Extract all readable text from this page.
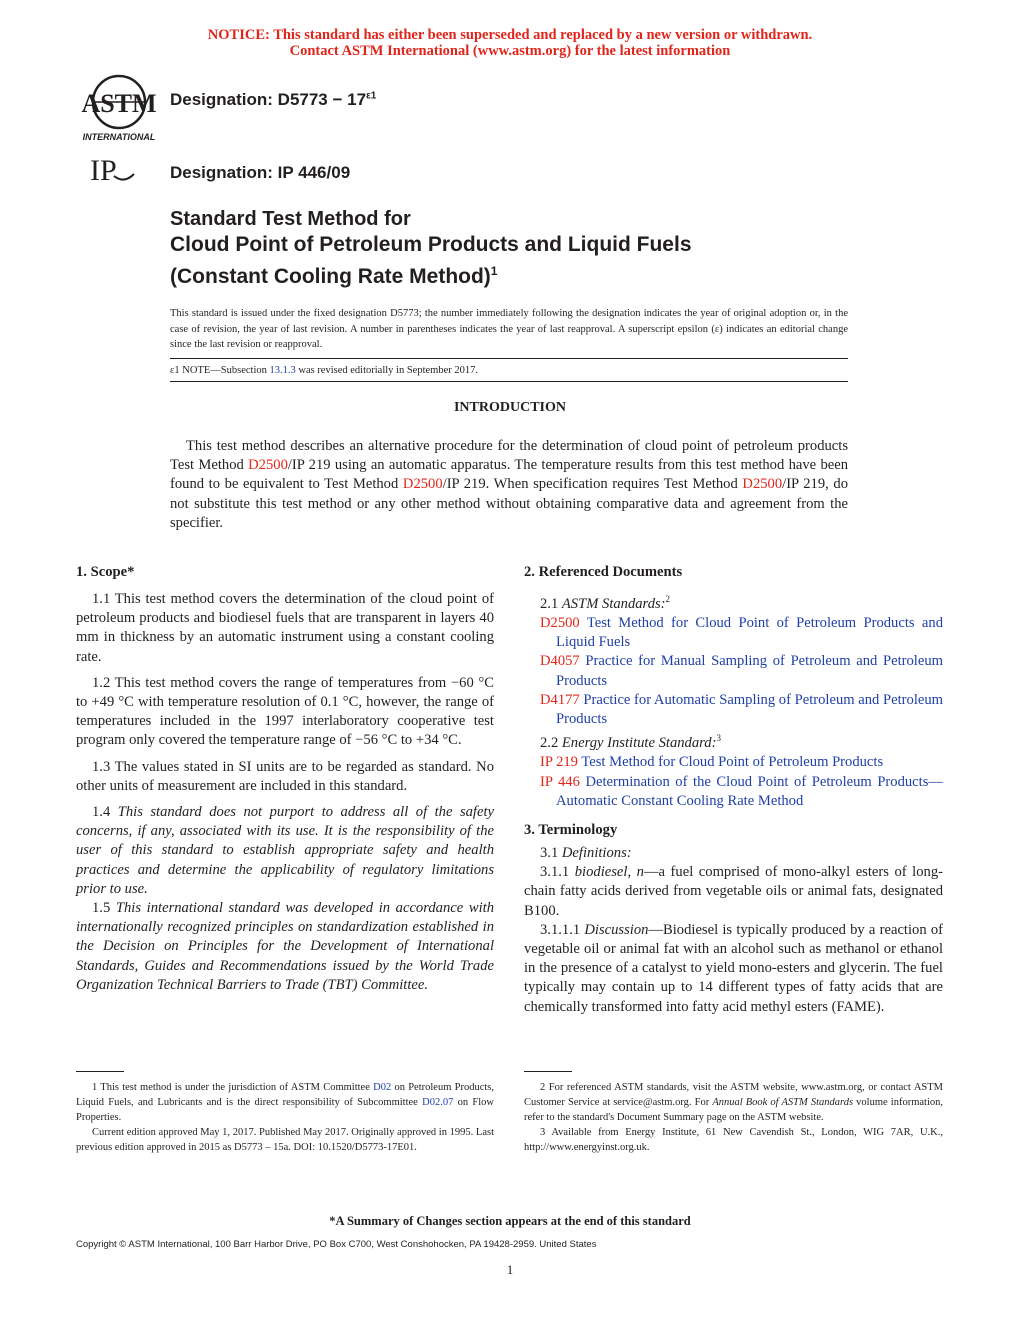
NOTICE: This standard has either been superseded and replaced by a new version or withdrawn.
Contact ASTM International (www.astm.org) for the latest information
ASTM
INTERNATIONAL
Designation: $D5773 - 17^{\varepsilon 1}$
IP	Designation: IP 446/09
Standard Test Method for
Cloud Point of Petroleum Products and Liquid Fuels
(Constant Cooling Rate Method)$^1$
This standard is issued under the fixed designation D5773; the number immediately following the designation indicates the year of original adoption or, in the case of revision, the year of last revision. A number in parentheses indicates the year of last reapproval. A superscript epsilon (ε) indicates an editorial change since the last revision or reapproval.
ε1 NOTE—Subsection 13.1.3 was revised editorially in September 2017.
INTRODUCTION
This test method describes an alternative procedure for the determination of cloud point of petroleum products Test Method D2500/IP 219 using an automatic apparatus. The temperature results from this test method have been found to be equivalent to Test Method D2500/IP 219. When specification requires Test Method D2500/IP 219, do not substitute this test method or any other method without obtaining comparative data and agreement from the specifier.
1. Scope*

1.1 This test method covers the determination of the cloud point of petroleum products and biodiesel fuels that are transparent in layers 40 mm in thickness by an automatic instrument using a constant cooling rate.

1.2 This test method covers the range of temperatures from −60 °C to +49 °C with temperature resolution of 0.1 °C, however, the range of temperatures included in the 1997 interlaboratory cooperative test program only covered the temperature range of −56 °C to +34 °C.

1.3 The values stated in SI units are to be regarded as standard. No other units of measurement are included in this standard.

1.4 This standard does not purport to address all of the safety concerns, if any, associated with its use. It is the responsibility of the user of this standard to establish appropriate safety and health practices and determine the applicability of regulatory limitations prior to use.

1.5 This international standard was developed in accordance with internationally recognized principles on standardization established in the Decision on Principles for the Development of International Standards, Guides and Recommendations issued by the World Trade Organization Technical Barriers to Trade (TBT) Committee.

2. Referenced Documents

2.1 ASTM Standards:$^2$

D2500 Test Method for Cloud Point of Petroleum Products and Liquid Fuels

D4057 Practice for Manual Sampling of Petroleum and Petroleum Products

D4177 Practice for Automatic Sampling of Petroleum and Petroleum Products

2.2 Energy Institute Standard:$^3$

IP 219 Test Method for Cloud Point of Petroleum Products

IP 446 Determination of the Cloud Point of Petroleum Products—Automatic Constant Cooling Rate Method

3. Terminology

3.1 Definitions:

3.1.1 biodiesel, n—a fuel comprised of mono-alkyl esters of long-chain fatty acids derived from vegetable oils or animal fats, designated B100.

3.1.1.1 Discussion—Biodiesel is typically produced by a reaction of vegetable oil or animal fat with an alcohol such as methanol or ethanol in the presence of a catalyst to yield mono-esters and glycerin. The fuel typically may contain up to 14 different types of fatty acids that are chemically transformed into fatty acid methyl esters (FAME).

1 This test method is under the jurisdiction of ASTM Committee D02 on Petroleum Products, Liquid Fuels, and Lubricants and is the direct responsibility of Subcommittee D02.07 on Flow Properties.

Current edition approved May 1, 2017. Published May 2017. Originally approved in 1995. Last previous edition approved in 2015 as D5773 – 15a. DOI: 10.1520/D5773-17E01.

2 For referenced ASTM standards, visit the ASTM website, www.astm.org, or contact ASTM Customer Service at service@astm.org. For Annual Book of ASTM Standards volume information, refer to the standard's Document Summary page on the ASTM website.

3 Available from Energy Institute, 61 New Cavendish St., London, WIG 7AR, U.K., http://www.energyinst.org.uk.

*A Summary of Changes section appears at the end of this standard
Copyright © ASTM International, 100 Barr Harbor Drive, PO Box C700, West Conshohocken, PA 19428-2959. United States
1
